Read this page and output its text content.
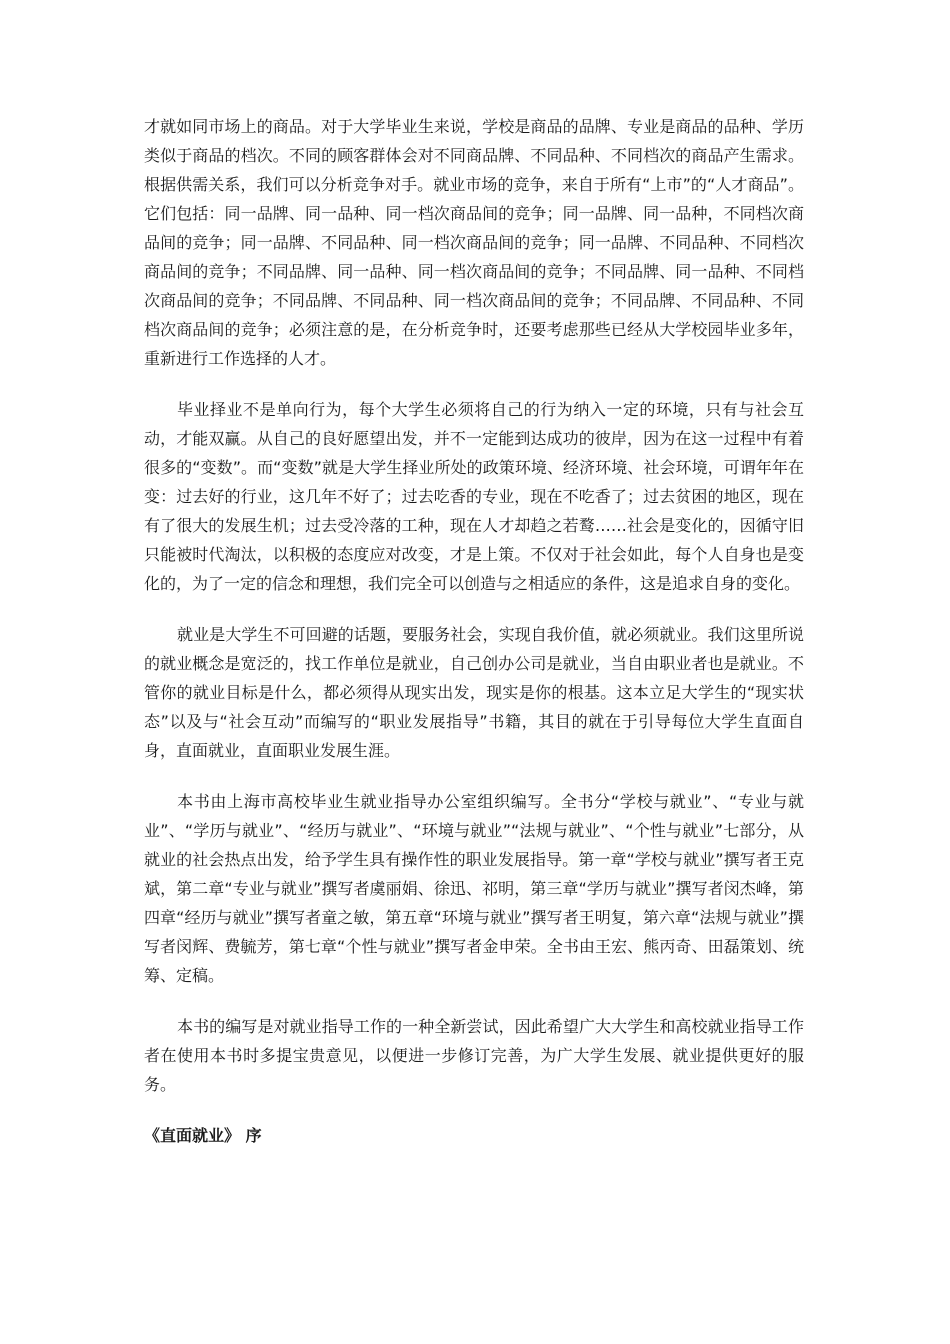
才就如同市场上的商品。对于大学毕业生来说，学校是商品的品牌、专业是商品的品种、学历类似于商品的档次。不同的顾客群体会对不同商品牌、不同品种、不同档次的商品产生需求。根据供需关系，我们可以分析竞争对手。就业市场的竞争，来自于所有“上市”的“人才商品”。它们包括：同一品牌、同一品种、同一档次商品间的竞争；同一品牌、同一品种，不同档次商品间的竞争；同一品牌、不同品种、同一档次商品间的竞争；同一品牌、不同品种、不同档次商品间的竞争；不同品牌、同一品种、同一档次商品间的竞争；不同品牌、同一品种、不同档次商品间的竞争；不同品牌、不同品种、同一档次商品间的竞争；不同品牌、不同品种、不同档次商品间的竞争；必须注意的是，在分析竞争时，还要考虑那些已经从大学校园毕业多年，重新进行工作选择的人才。

毕业择业不是单向行为，每个大学生必须将自己的行为纳入一定的环境，只有与社会互动，才能双赢。从自己的良好愿望出发，并不一定能到达成功的彼岸，因为在这一过程中有着很多的“变数”。而“变数”就是大学生择业所处的政策环境、经济环境、社会环境，可谓年年在变：过去好的行业，这几年不好了；过去吃香的专业，现在不吃香了；过去贫困的地区，现在有了很大的发展生机；过去受冷落的工种，现在人才却趋之若鹜……社会是变化的，因循守旧只能被时代淘汰，以积极的态度应对改变，才是上策。不仅对于社会如此，每个人自身也是变化的，为了一定的信念和理想，我们完全可以创造与之相适应的条件，这是追求自身的变化。

就业是大学生不可回避的话题，要服务社会，实现自我价值，就必须就业。我们这里所说的就业概念是宽泛的，找工作单位是就业，自己创办公司是就业，当自由职业者也是就业。不管你的就业目标是什么，都必须得从现实出发，现实是你的根基。这本立足大学生的“现实状态”以及与“社会互动”而编写的“职业发展指导”书籍，其目的就在于引导每位大学生直面自身，直面就业，直面职业发展生涯。

本书由上海市高校毕业生就业指导办公室组织编写。全书分“学校与就业”、“专业与就业”、“学历与就业”、“经历与就业”、“环境与就业”“法规与就业”、“个性与就业”七部分，从就业的社会热点出发，给予学生具有操作性的职业发展指导。第一章“学校与就业”撰写者王克斌，第二章“专业与就业”撰写者虞丽娟、徐迅、祁明，第三章“学历与就业”撰写者闵杰峰，第四章“经历与就业”撰写者童之敏，第五章“环境与就业”撰写者王明复，第六章“法规与就业”撰写者闵辉、费毓芳，第七章“个性与就业”撰写者金申荣。全书由王宏、熊丙奇、田磊策划、统筹、定稿。

本书的编写是对就业指导工作的一种全新尝试，因此希望广大大学生和高校就业指导工作者在使用本书时多提宝贵意见，以便进一步修订完善，为广大学生发展、就业提供更好的服务。

《直面就业》 序
